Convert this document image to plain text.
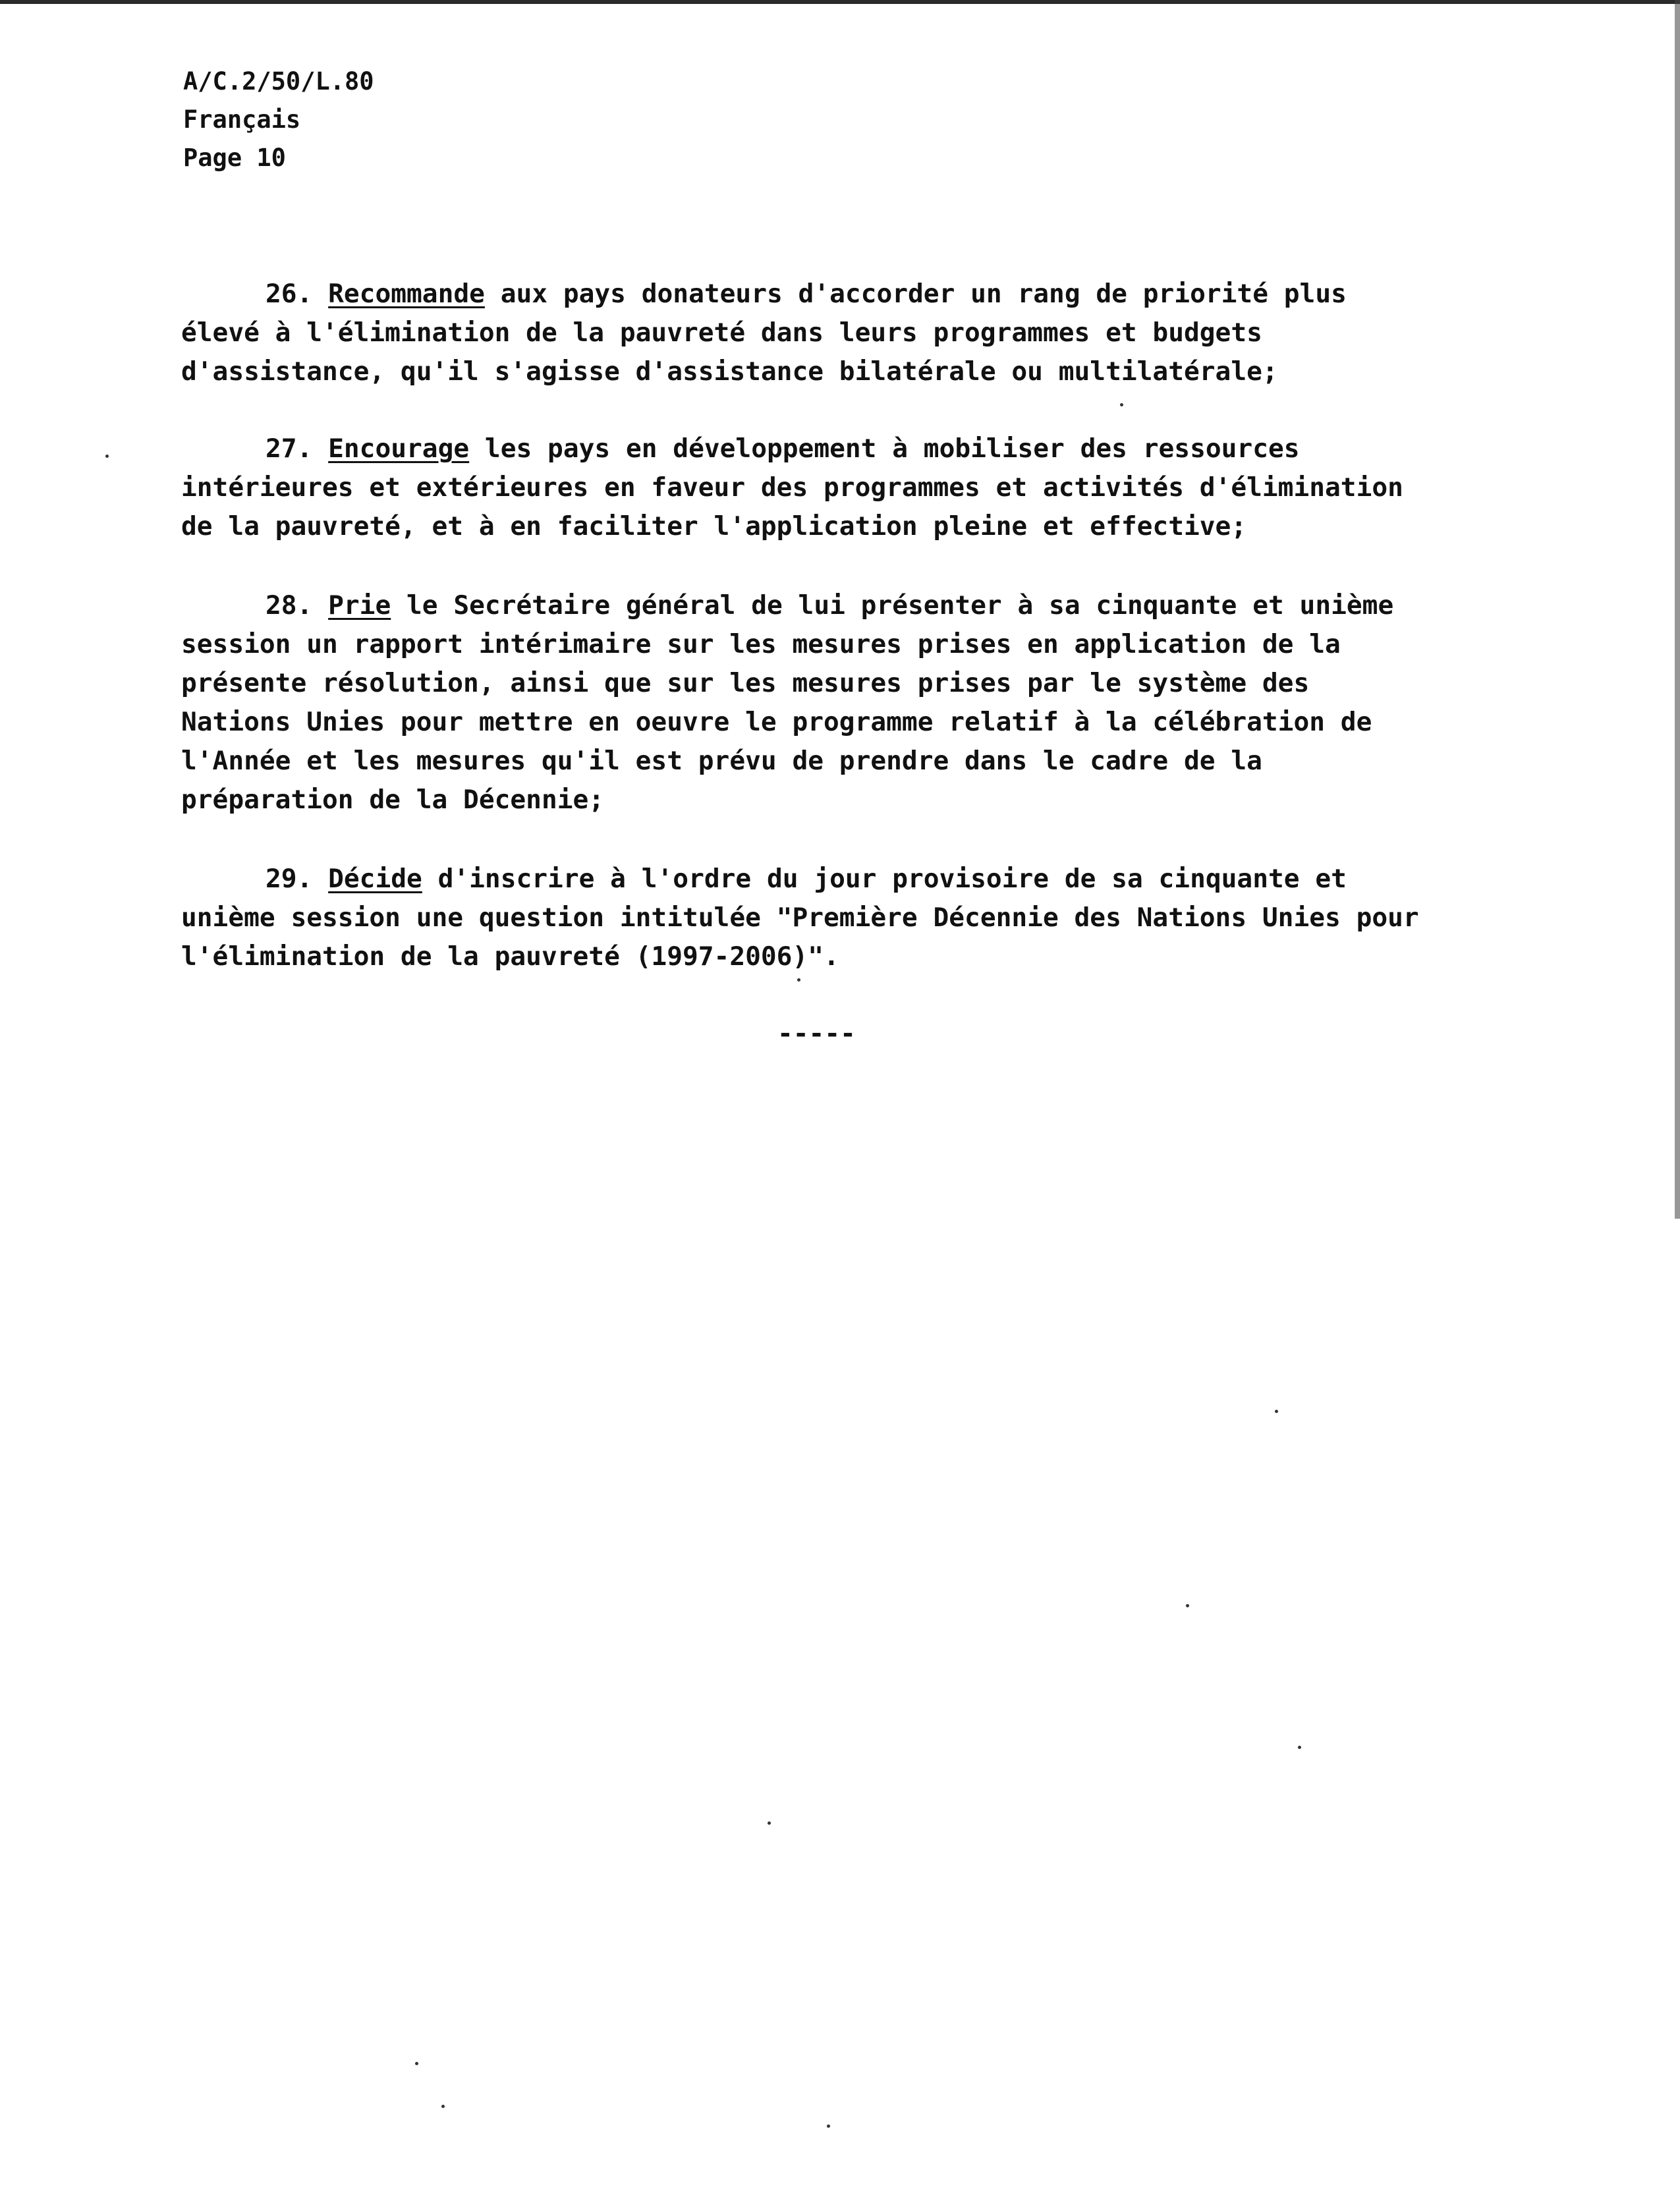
A/C.2/50/L.80
Français
Page 10
26. Recommande aux pays donateurs d'accorder un rang de priorité plus
élevé à l'élimination de la pauvreté dans leurs programmes et budgets
d'assistance, qu'il s'agisse d'assistance bilatérale ou multilatérale;
27. Encourage les pays en développement à mobiliser des ressources
intérieures et extérieures en faveur des programmes et activités d'élimination
de la pauvreté, et à en faciliter l'application pleine et effective;
28. Prie le Secrétaire général de lui présenter à sa cinquante et unième
session un rapport intérimaire sur les mesures prises en application de la
présente résolution, ainsi que sur les mesures prises par le système des
Nations Unies pour mettre en oeuvre le programme relatif à la célébration de
l'Année et les mesures qu'il est prévu de prendre dans le cadre de la
préparation de la Décennie;
29. Décide d'inscrire à l'ordre du jour provisoire de sa cinquante et
unième session une question intitulée "Première Décennie des Nations Unies pour
l'élimination de la pauvreté (1997-2006)".
-----
